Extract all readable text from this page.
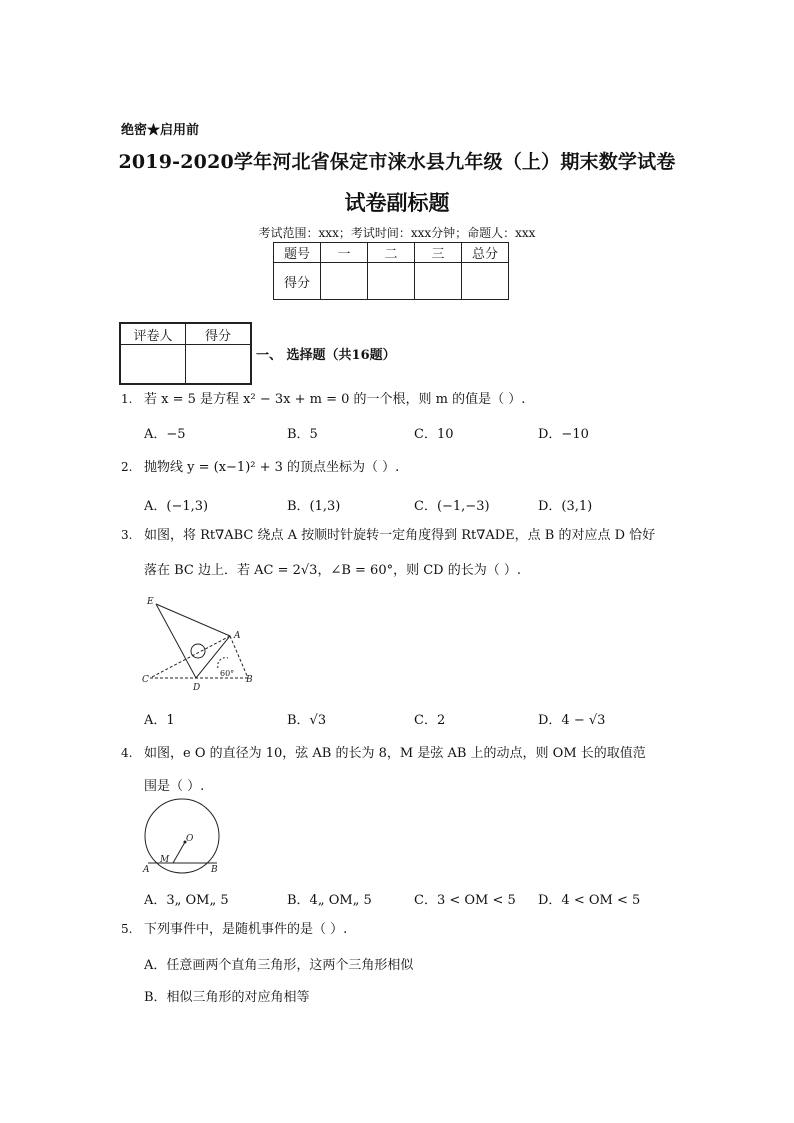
绝密★启用前
2019-2020学年河北省保定市涞水县九年级（上）期末数学试卷
试卷副标题
考试范围：xxx；考试时间：xxx分钟；命题人：xxx
题号	一	二	三	总分
得分				
评卷人	得分

一、 选择题（共16题）
1. 若 x = 5 是方程 x² − 3x + m = 0 的一个根，则 m 的值是（ ）.
A．−5	B．5	C．10	D．−10
2. 抛物线 y = (x−1)² + 3 的顶点坐标为（ ）.
A．(−1,3)	B．(1,3)	C．(−1,−3)	D．(3,1)
3. 如图，将 Rt∇ABC 绕点 A 按顺时针旋转一定角度得到 Rt∇ADE，点 B 的对应点 D 恰好
落在 BC 边上．若 AC = 2√3，∠B = 60°，则 CD 的长为（ ）.
E
A
C
D
B
60°
A．1	B．√3	C．2	D．4 − √3
4. 如图，e O 的直径为 10，弦 AB 的长为 8，M 是弦 AB 上的动点，则 OM 长的取值范
围是（ ）.
O
M
A	B
A．3„ OM„ 5	B．4„ OM„ 5	C．3 < OM < 5 D．4 < OM < 5
5. 下列事件中，是随机事件的是（ ）.
A．任意画两个直角三角形，这两个三角形相似
B．相似三角形的对应角相等
